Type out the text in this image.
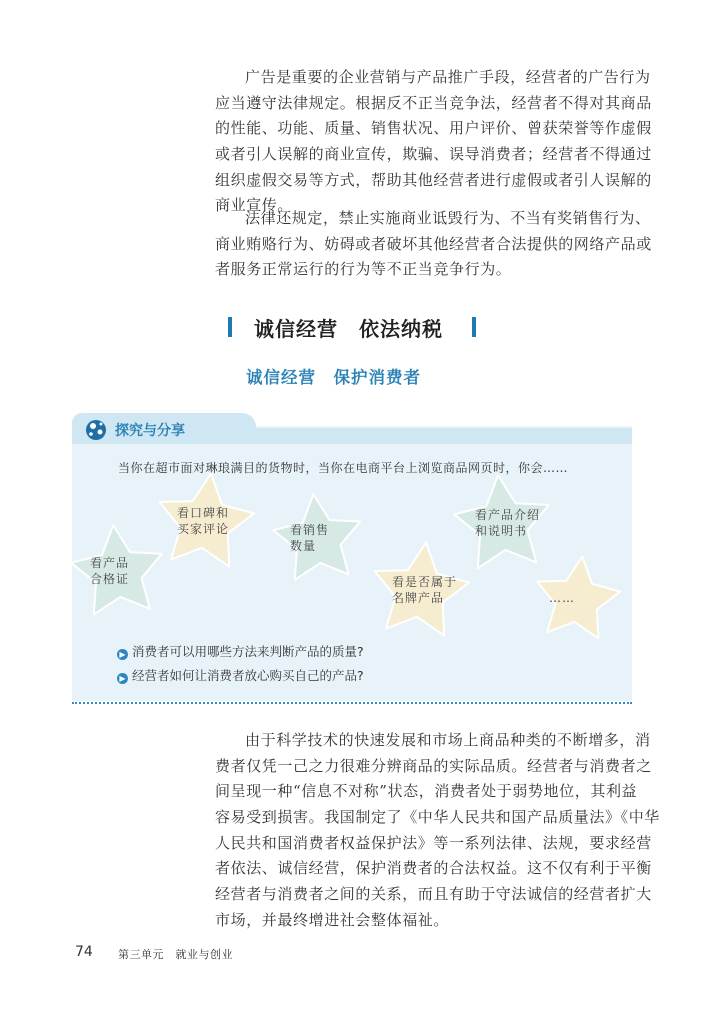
广告是重要的企业营销与产品推广手段，经营者的广告行为
应当遵守法律规定。根据反不正当竞争法，经营者不得对其商品
的性能、功能、质量、销售状况、用户评价、曾获荣誉等作虚假
或者引人误解的商业宣传，欺骗、误导消费者；经营者不得通过
组织虚假交易等方式，帮助其他经营者进行虚假或者引人误解的
商业宣传。
法律还规定，禁止实施商业诋毁行为、不当有奖销售行为、
商业贿赂行为、妨碍或者破坏其他经营者合法提供的网络产品或
者服务正常运行的行为等不正当竞争行为。
诚信经营　依法纳税
诚信经营　保护消费者
探究与分享
当你在超市面对琳琅满目的货物时，当你在电商平台上浏览商品网页时，你会……
看产品
合格证
看口碑和
买家评论	看销售
数量
看是否属于
名牌产品
看产品介绍
和说明书
……
▶ 消费者可以用哪些方法来判断产品的质量?
▶ 经营者如何让消费者放心购买自己的产品?
由于科学技术的快速发展和市场上商品种类的不断增多，消
费者仅凭一己之力很难分辨商品的实际品质。经营者与消费者之
间呈现一种“信息不对称”状态，消费者处于弱势地位，其利益
容易受到损害。我国制定了《中华人民共和国产品质量法》《中华
人民共和国消费者权益保护法》等一系列法律、法规，要求经营
者依法、诚信经营，保护消费者的合法权益。这不仅有利于平衡
经营者与消费者之间的关系，而且有助于守法诚信的经营者扩大
市场，并最终增进社会整体福祉。
74 第三单元　就业与创业
